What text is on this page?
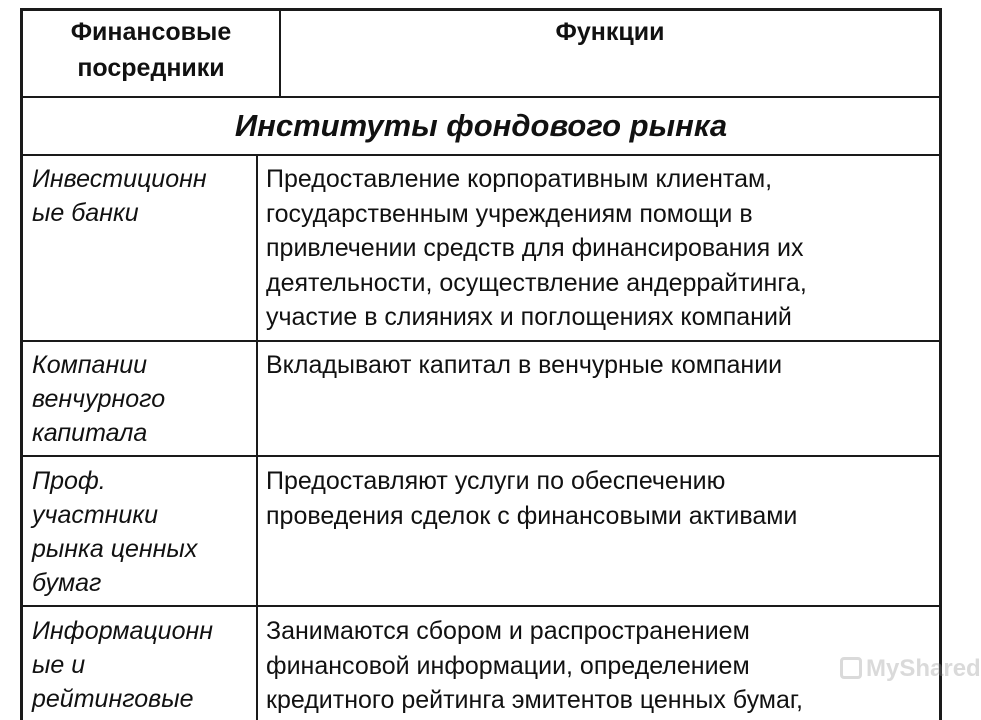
Финансовые
посредники
Функции
Институты фондового рынка
Инвестиционн
ые банки
Предоставление корпоративным клиентам,
государственным учреждениям помощи в
привлечении средств для финансирования их
деятельности, осуществление андеррайтинга,
участие в слияниях и поглощениях компаний
Компании
венчурного
капитала
Вкладывают капитал в венчурные компании
Проф.
участники
рынка ценных
бумаг
Предоставляют услуги по обеспечению
проведения сделок с финансовыми активами
Информационн
ые и
рейтинговые
Занимаются сбором и распространением
финансовой информации, определением
кредитного рейтинга эмитентов ценных бумаг,
MyShared
